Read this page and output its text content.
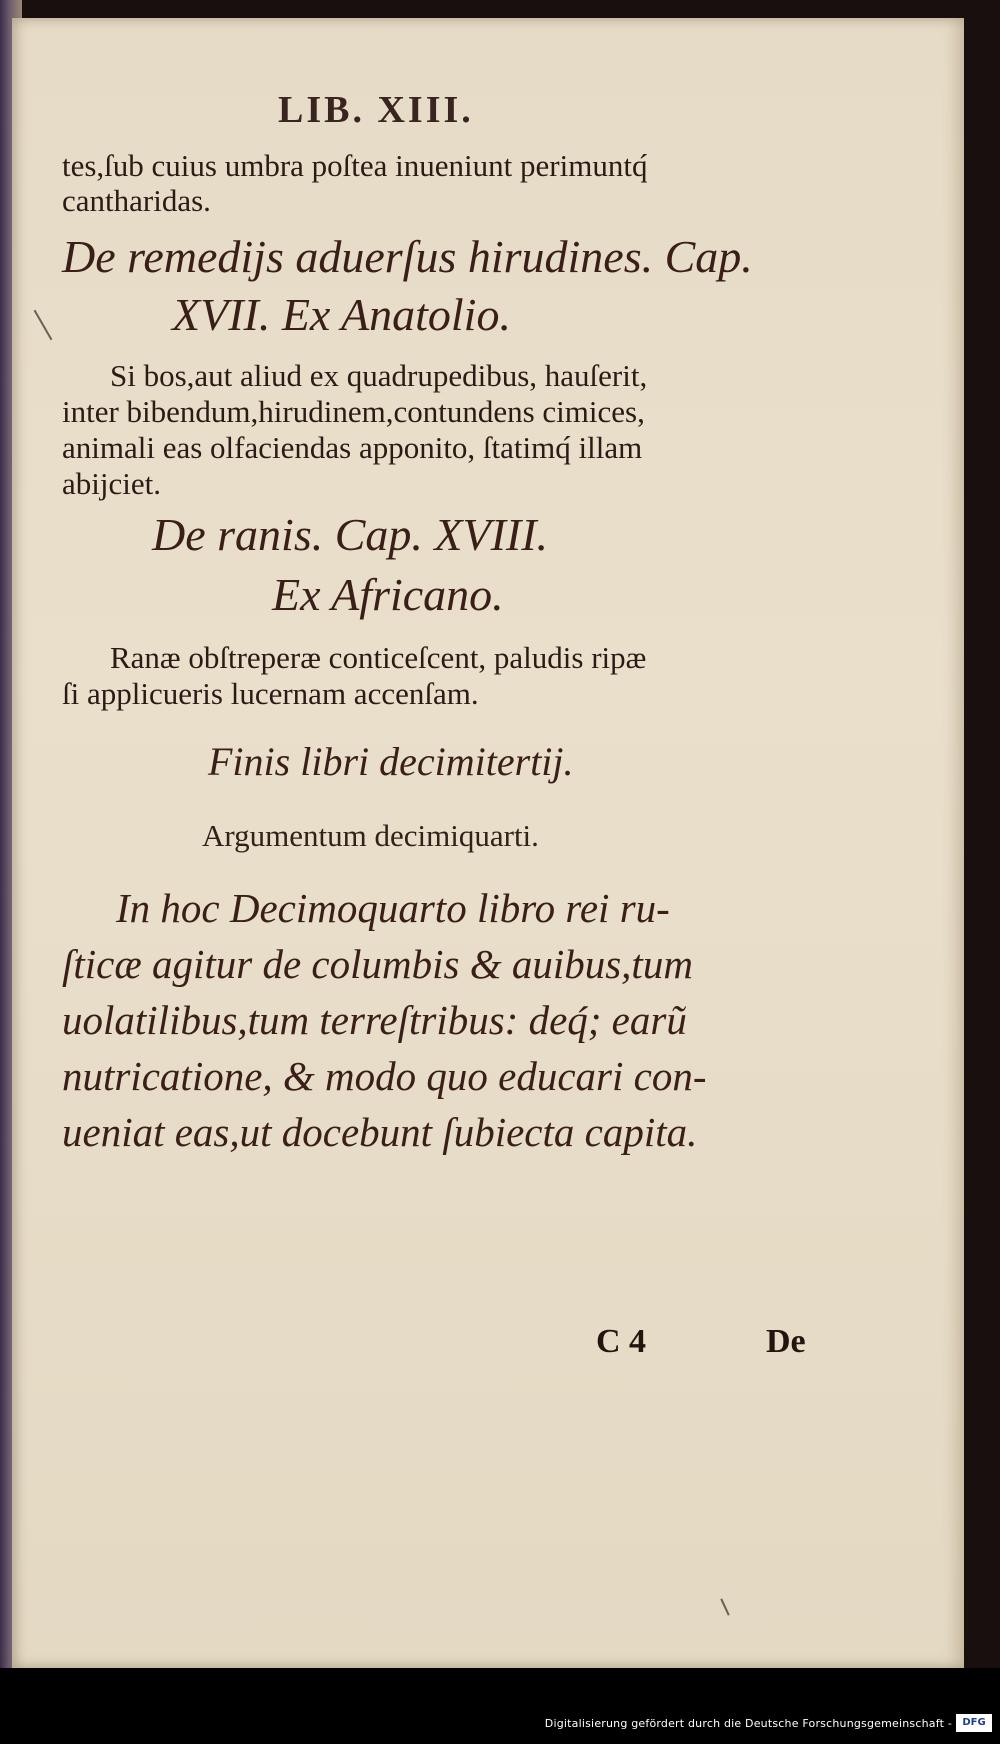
LIB. XIII.
tes,ſub cuius umbra poſtea inueniunt perimuntq́
cantharidas.
De remedijs aduerſus hirudines. Cap.
XVII. Ex Anatolio.
Si bos,aut aliud ex quadrupedibus, hauſerit,
inter bibendum,hirudinem,contundens cimices,
animali eas olfaciendas apponito, ſtatimq́ illam
abijciet.
De ranis. Cap. XVIII.
Ex Africano.
Ranæ obſtreperæ conticeſcent, paludis ripæ
ſi applicueris lucernam accenſam.
Finis libri decimitertij.
Argumentum decimiquarti.
In hoc Decimoquarto libro rei ru-
ſticæ agitur de columbis & auibus,tum
uolatilibus,tum terreſtribus: deq́; earũ
nutricatione, & modo quo educari con-
ueniat eas,ut docebunt ſubiecta capita.
C 4	De
Digitalisierung gefördert durch die Deutsche Forschungsgemeinschaft -	DFG
